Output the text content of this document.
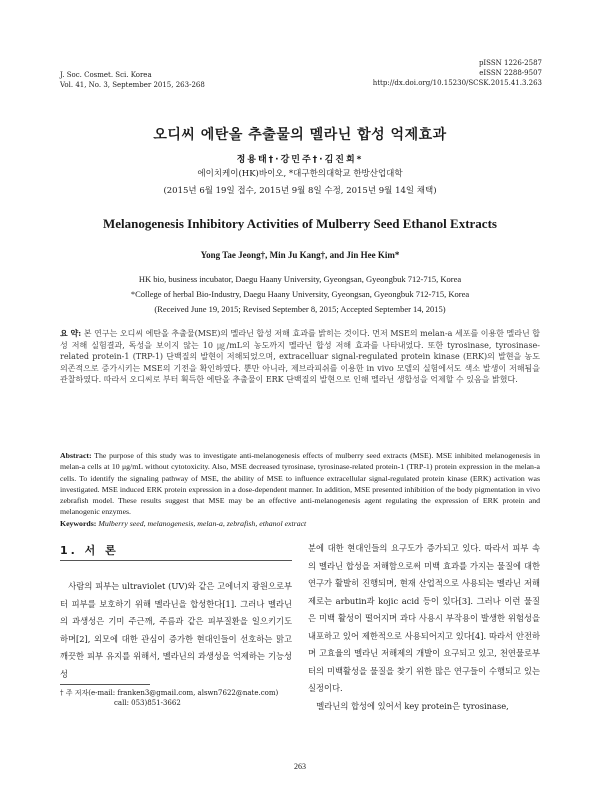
J. Soc. Cosmet. Sci. Korea
Vol. 41, No. 3, September 2015, 263-268
pISSN 1226-2587
eISSN 2288-9507
http://dx.doi.org/10.15230/SCSK.2015.41.3.263
오디씨 에탄올 추출물의 멜라닌 합성 억제효과
정용태†·강민주†·김진희*
에이치케이(HK)바이오, *대구한의대학교 한방산업대학
(2015년 6월 19일 접수, 2015년 9월 8일 수정, 2015년 9월 14일 채택)
Melanogenesis Inhibitory Activities of Mulberry Seed Ethanol Extracts
Yong Tae Jeong†, Min Ju Kang†, and Jin Hee Kim*
HK bio, business incubator, Daegu Haany University, Gyeongsan, Gyeongbuk 712-715, Korea
*College of herbal Bio-Industry, Daegu Haany University, Gyeongsan, Gyeongbuk 712-715, Korea
(Received June 19, 2015; Revised September 8, 2015; Accepted September 14, 2015)
요 약: 본 연구는 오디씨 에탄올 추출물(MSE)의 멜라닌 합성 저해 효과를 밝히는 것이다. 먼저 MSE의 melan-a 세포를 이용한 멜라닌 합성 저해 실험결과, 독성을 보이지 않는 10 ㎍/mL의 농도까지 멜라닌 합성 저해 효과를 나타내었다. 또한 tyrosinase, tyrosinase-related protein-1 (TRP-1) 단백질의 발현이 저해되었으며, extracelluar signal-regulated protein kinase (ERK)의 발현을 농도 의존적으로 증가시키는 MSE의 기전을 확인하였다. 뿐만 아니라, 제브라피쉬를 이용한 in vivo 모델의 실험에서도 색소 발생이 저해됨을 관찰하였다. 따라서 오디씨로 부터 획득한 에탄올 추출물이 ERK 단백질의 발현으로 인해 멜라닌 생합성을 억제할 수 있음을 밝혔다.
Abstract: The purpose of this study was to investigate anti-melanogenesis effects of mulberry seed extracts (MSE). MSE inhibited melanogenesis in melan-a cells at 10 μg/mL without cytotoxicity. Also, MSE decreased tyrosinase, tyrosinase-related protein-1 (TRP-1) protein expression in the melan-a cells. To identify the signaling pathway of MSE, the ability of MSE to influence extracellular signal-regulated protein kinase (ERK) activation was investigated. MSE induced ERK protein expression in a dose-dependent manner. In addition, MSE presented inhibition of the body pigmentation in vivo zebrafish model. These results suggest that MSE may be an effective anti-melanogenesis agent regulating the expression of ERK protein and melanogenic enzymes.
Keywords: Mulberry seed, melanogenesis, melan-a, zebrafish, ethanol extract
1. 서 론

사람의 피부는 ultraviolet (UV)와 같은 고에너지 광원으로부터 피부를 보호하기 위해 멜라닌을 합성한다[1]. 그러나 멜라닌의 과생성은 기미 주근깨, 주름과 같은 피부질환을 일으키기도 하며[2], 외모에 대한 관심이 증가한 현대인들이 선호하는 맑고 깨끗한 피부 유지를 위해서, 멜라닌의 과생성을 억제하는 기능성 성

분에 대한 현대인들의 요구도가 증가되고 있다. 따라서 피부 속의 멜라닌 합성을 저해함으로써 미백 효과를 가지는 물질에 대한 연구가 활발히 진행되며, 현재 산업적으로 사용되는 멜라닌 저해제로는 arbutin과 kojic acid 등이 있다[3]. 그러나 이런 물질은 미백 활성이 떨어지며 과다 사용시 부작용이 발생한 위험성을 내포하고 있어 제한적으로 사용되어지고 있다[4]. 따라서 안전하며 고효율의 멜라닌 저해제의 개발이 요구되고 있고, 천연물로부터의 미백활성을 물질을 찾기 위한 많은 연구들이 수행되고 있는 실정이다.

멜라닌의 합성에 있어서 key protein은 tyrosinase,

† 주 저자(e-mail: franken3@gmail.com, alswn7622@nate.com)
call: 053)851-3662
263
